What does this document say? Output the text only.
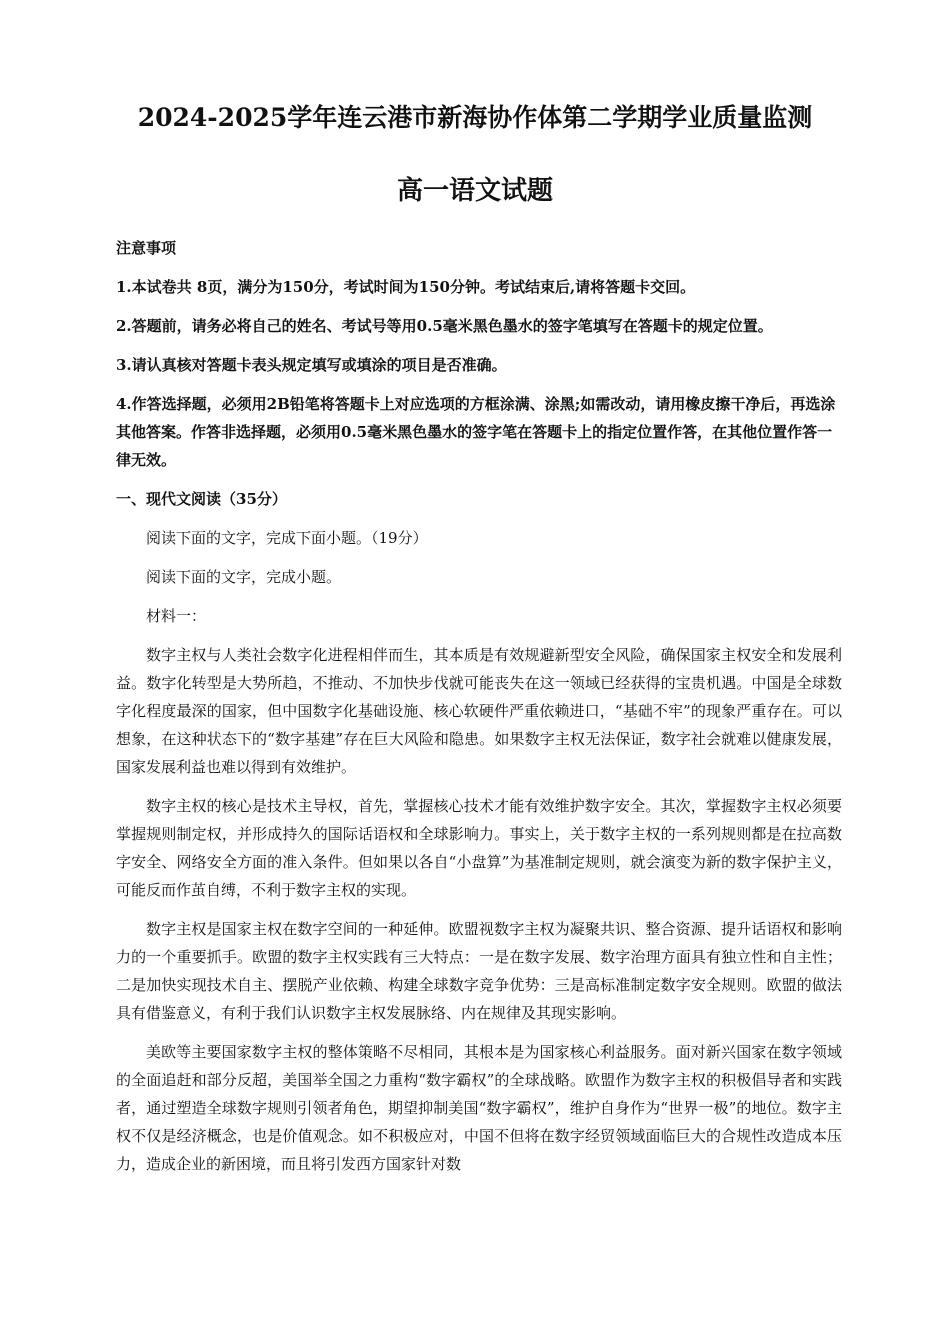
2024-2025学年连云港市新海协作体第二学期学业质量监测
高一语文试题

注意事项

1.本试卷共 8页，满分为150分，考试时间为150分钟。考试结束后,请将答题卡交回。

2.答题前，请务必将自己的姓名、考试号等用0.5毫米黑色墨水的签字笔填写在答题卡的规定位置。

3.请认真核对答题卡表头规定填写或填涂的项目是否准确。

4.作答选择题，必须用2B铅笔将答题卡上对应选项的方框涂满、涂黑;如需改动，请用橡皮擦干净后，再选涂其他答案。作答非选择题，必须用0.5毫米黑色墨水的签字笔在答题卡上的指定位置作答，在其他位置作答一律无效。

一、现代文阅读（35分）

阅读下面的文字，完成下面小题。（19分）

阅读下面的文字，完成小题。

材料一：

数字主权与人类社会数字化进程相伴而生，其本质是有效规避新型安全风险，确保国家主权安全和发展利益。数字化转型是大势所趋，不推动、不加快步伐就可能丧失在这一领域已经获得的宝贵机遇。中国是全球数字化程度最深的国家，但中国数字化基础设施、核心软硬件严重依赖进口，“基础不牢”的现象严重存在。可以想象，在这种状态下的“数字基建”存在巨大风险和隐患。如果数字主权无法保证，数字社会就难以健康发展，国家发展利益也难以得到有效维护。

数字主权的核心是技术主导权，首先，掌握核心技术才能有效维护数字安全。其次，掌握数字主权必须要掌握规则制定权，并形成持久的国际话语权和全球影响力。事实上，关于数字主权的一系列规则都是在拉高数字安全、网络安全方面的准入条件。但如果以各自“小盘算”为基准制定规则，就会演变为新的数字保护主义，可能反而作茧自缚，不利于数字主权的实现。

数字主权是国家主权在数字空间的一种延伸。欧盟视数字主权为凝聚共识、整合资源、提升话语权和影响力的一个重要抓手。欧盟的数字主权实践有三大特点：一是在数字发展、数字治理方面具有独立性和自主性；二是加快实现技术自主、摆脱产业依赖、构建全球数字竞争优势：三是高标准制定数字安全规则。欧盟的做法具有借鉴意义，有利于我们认识数字主权发展脉络、内在规律及其现实影响。

美欧等主要国家数字主权的整体策略不尽相同，其根本是为国家核心利益服务。面对新兴国家在数字领域的全面追赶和部分反超，美国举全国之力重构“数字霸权”的全球战略。欧盟作为数字主权的积极倡导者和实践者，通过塑造全球数字规则引领者角色，期望抑制美国“数字霸权”，维护自身作为“世界一极”的地位。数字主权不仅是经济概念，也是价值观念。如不积极应对，中国不但将在数字经贸领域面临巨大的合规性改造成本压力，造成企业的新困境，而且将引发西方国家针对数
